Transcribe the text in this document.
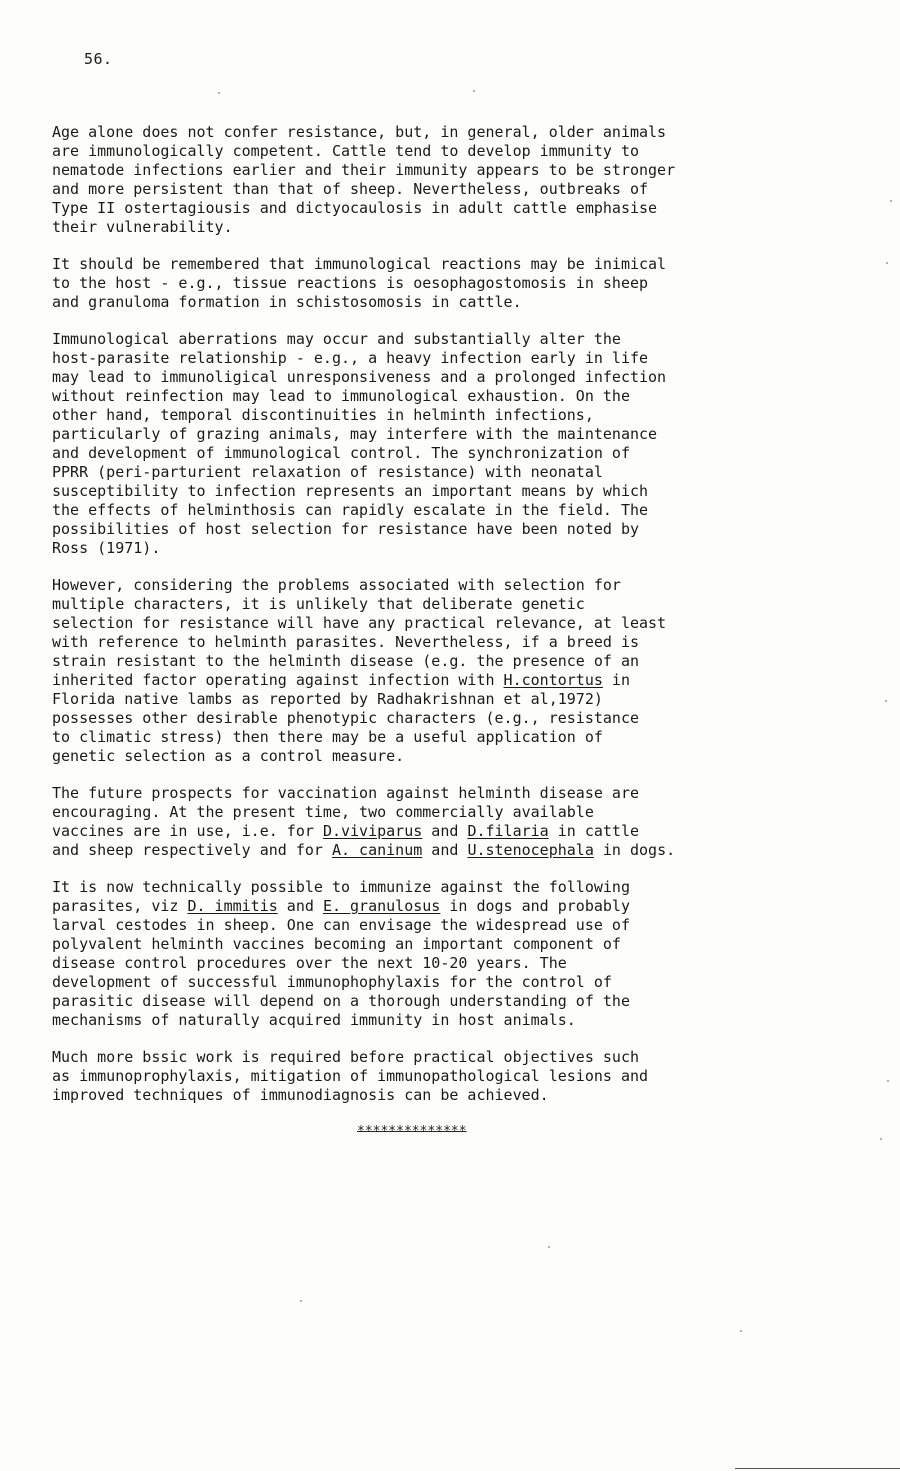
56.

Age alone does not confer resistance, but, in general, older animals
are immunologically competent. Cattle tend to develop immunity to
nematode infections earlier and their immunity appears to be stronger
and more persistent than that of sheep. Nevertheless, outbreaks of
Type II ostertagiousis and dictyocaulosis in adult cattle emphasise
their vulnerability.

It should be remembered that immunological reactions may be inimical
to the host - e.g., tissue reactions is oesophagostomosis in sheep
and granuloma formation in schistosomosis in cattle.

Immunological aberrations may occur and substantially alter the
host-parasite relationship - e.g., a heavy infection early in life
may lead to immunoligical unresponsiveness and a prolonged infection
without reinfection may lead to immunological exhaustion. On the
other hand, temporal discontinuities in helminth infections,
particularly of grazing animals, may interfere with the maintenance
and development of immunological control. The synchronization of
PPRR (peri-parturient relaxation of resistance) with neonatal
susceptibility to infection represents an important means by which
the effects of helminthosis can rapidly escalate in the field. The
possibilities of host selection for resistance have been noted by
Ross (1971).

However, considering the problems associated with selection for
multiple characters, it is unlikely that deliberate genetic
selection for resistance will have any practical relevance, at least
with reference to helminth parasites. Nevertheless, if a breed is
strain resistant to the helminth disease (e.g. the presence of an
inherited factor operating against infection with H.contortus in
Florida native lambs as reported by Radhakrishnan et al,1972)
possesses other desirable phenotypic characters (e.g., resistance
to climatic stress) then there may be a useful application of
genetic selection as a control measure.

The future prospects for vaccination against helminth disease are
encouraging. At the present time, two commercially available
vaccines are in use, i.e. for D.viviparus and D.filaria in cattle
and sheep respectively and for A. caninum and U.stenocephala in dogs.

It is now technically possible to immunize against the following
parasites, viz D. immitis and E. granulosus in dogs and probably
larval cestodes in sheep. One can envisage the widespread use of
polyvalent helminth vaccines becoming an important component of
disease control procedures over the next 10-20 years. The
development of successful immunophophylaxis for the control of
parasitic disease will depend on a thorough understanding of the
mechanisms of naturally acquired immunity in host animals.

Much more bssic work is required before practical objectives such
as immunoprophylaxis, mitigation of immunopathological lesions and
improved techniques of immunodiagnosis can be achieved.

**************
